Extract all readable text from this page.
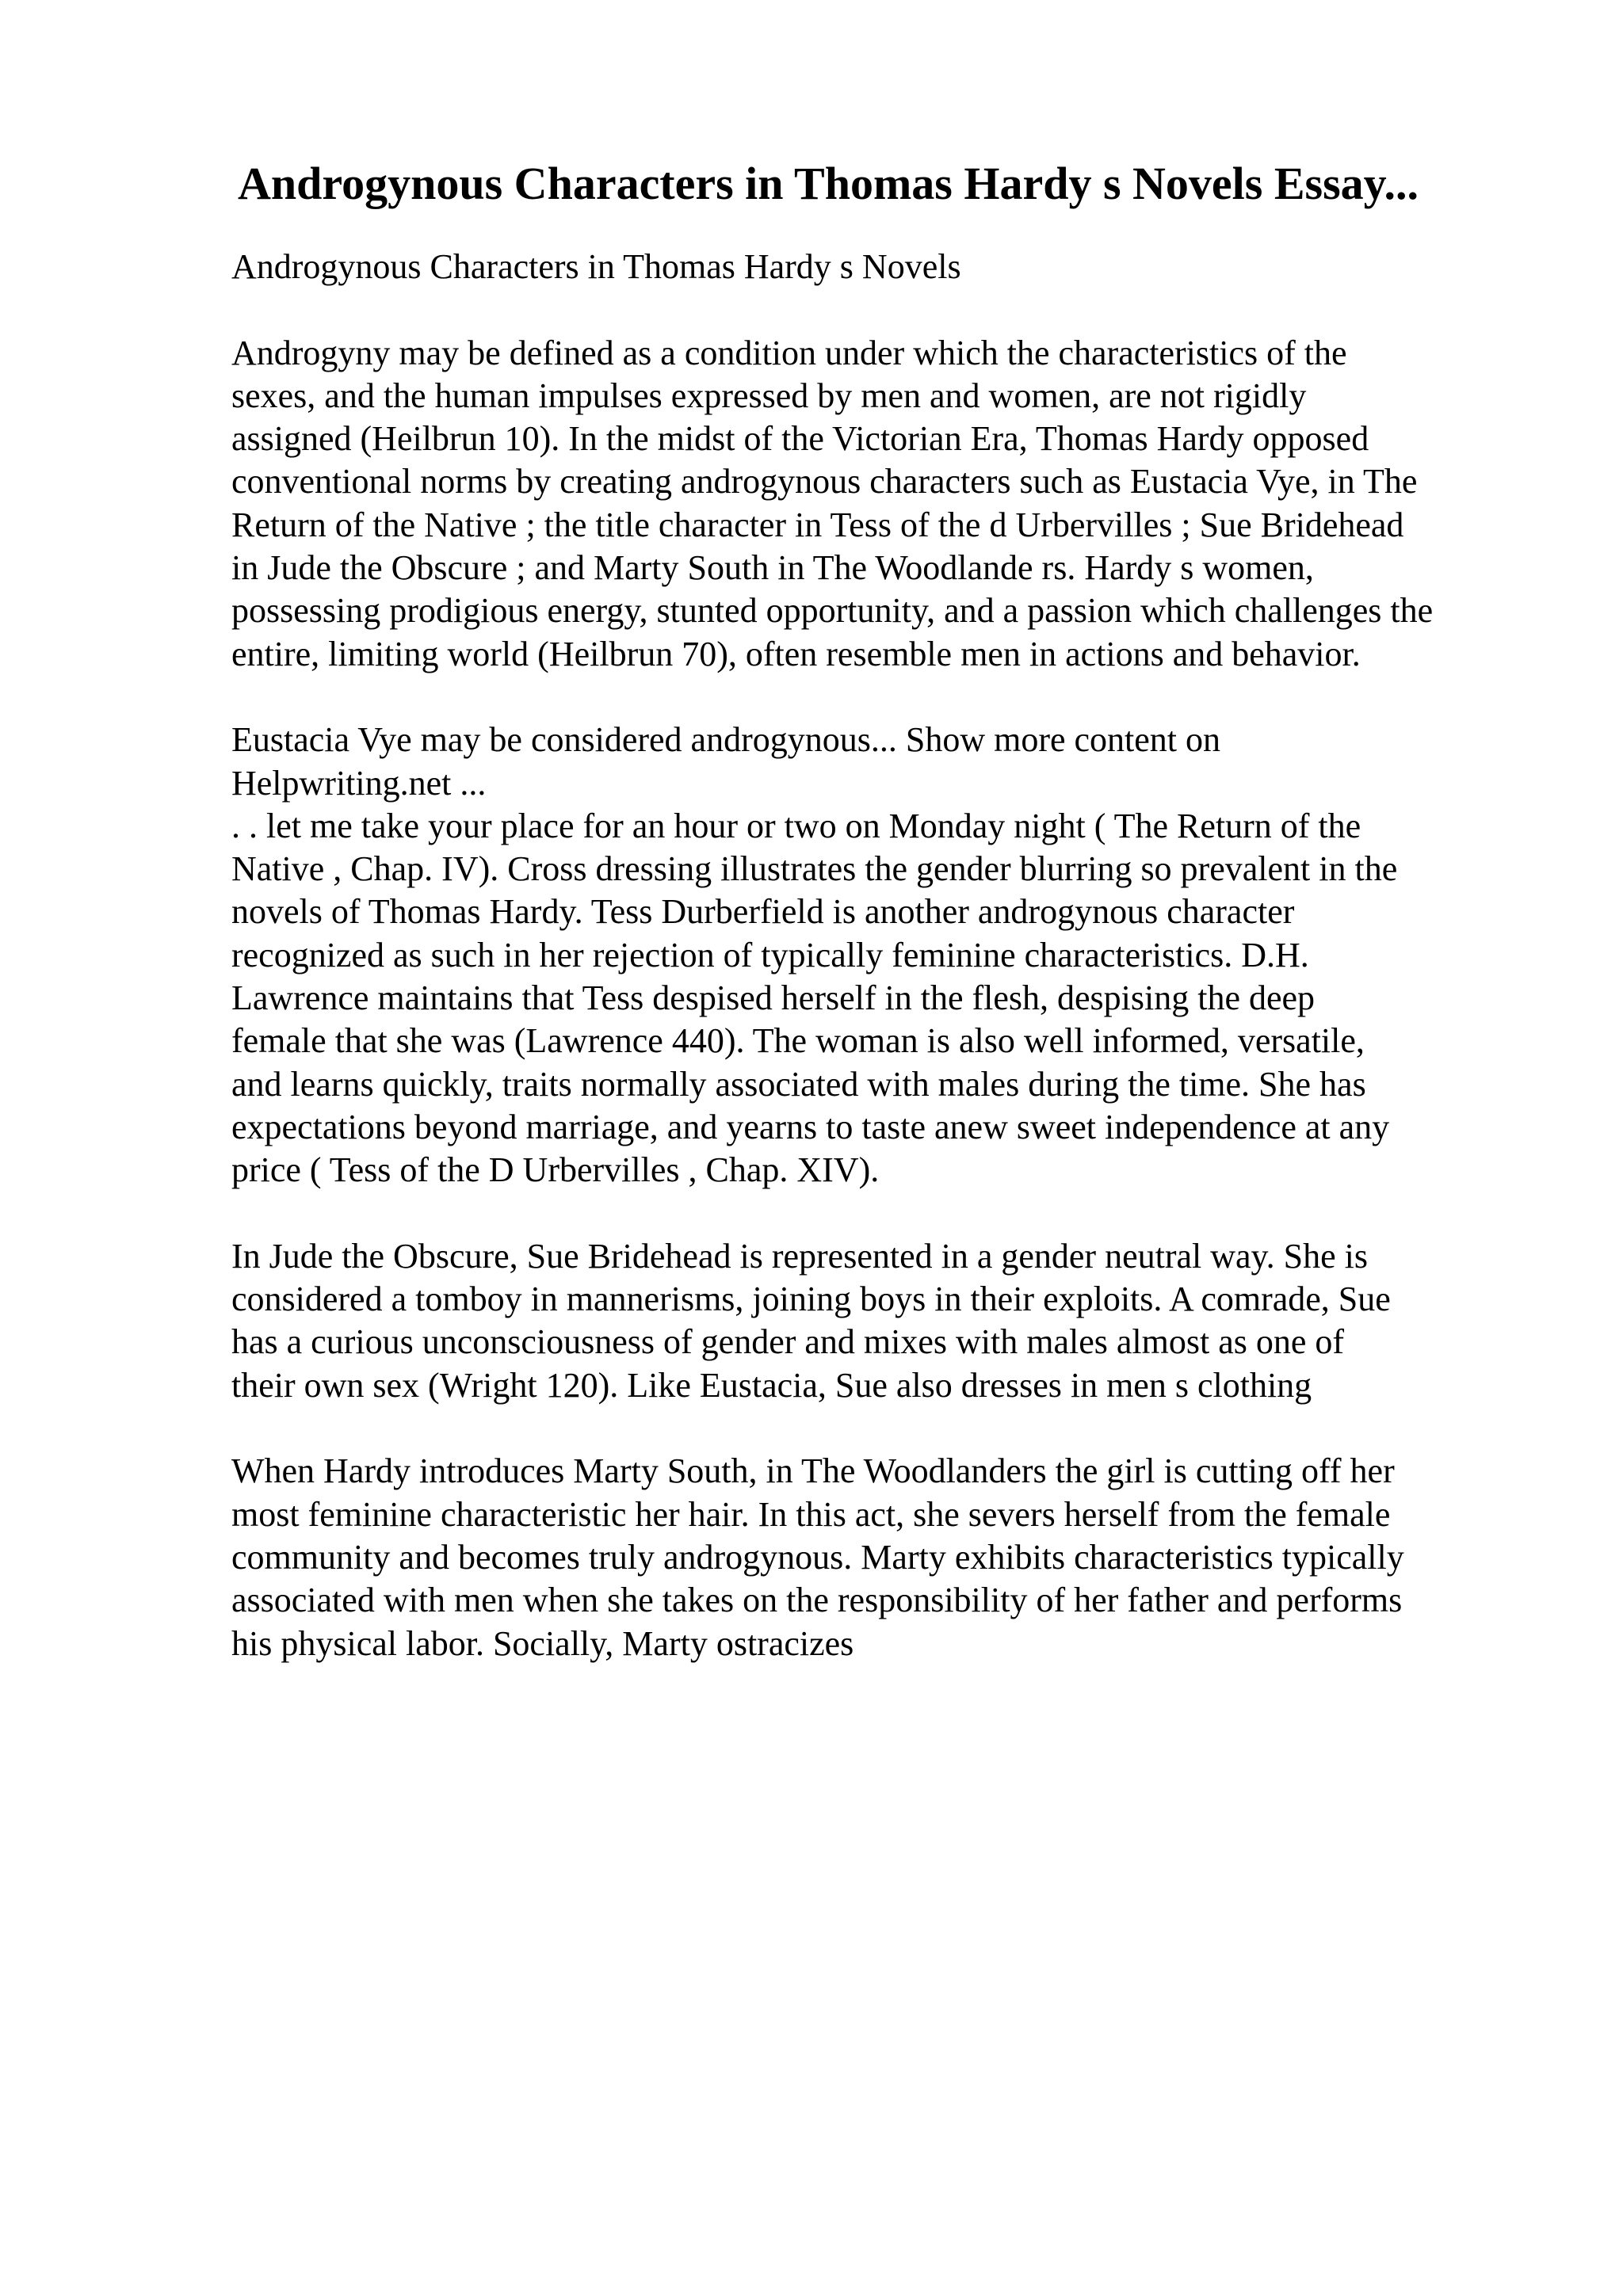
Androgynous Characters in Thomas Hardy s Novels Essay...
Androgynous Characters in Thomas Hardy s Novels
Androgyny may be defined as a condition under which the characteristics of the
sexes, and the human impulses expressed by men and women, are not rigidly
assigned (Heilbrun 10). In the midst of the Victorian Era, Thomas Hardy opposed
conventional norms by creating androgynous characters such as Eustacia Vye, in The
Return of the Native ; the title character in Tess of the d Urbervilles ; Sue Bridehead
in Jude the Obscure ; and Marty South in The Woodlande rs. Hardy s women,
possessing prodigious energy, stunted opportunity, and a passion which challenges the
entire, limiting world (Heilbrun 70), often resemble men in actions and behavior.
Eustacia Vye may be considered androgynous... Show more content on
Helpwriting.net ...
. . let me take your place for an hour or two on Monday night ( The Return of the
Native , Chap. IV). Cross dressing illustrates the gender blurring so prevalent in the
novels of Thomas Hardy. Tess Durberfield is another androgynous character
recognized as such in her rejection of typically feminine characteristics. D.H.
Lawrence maintains that Tess despised herself in the flesh, despising the deep
female that she was (Lawrence 440). The woman is also well informed, versatile,
and learns quickly, traits normally associated with males during the time. She has
expectations beyond marriage, and yearns to taste anew sweet independence at any
price ( Tess of the D Urbervilles , Chap. XIV).
In Jude the Obscure, Sue Bridehead is represented in a gender neutral way. She is
considered a tomboy in mannerisms, joining boys in their exploits. A comrade, Sue
has a curious unconsciousness of gender and mixes with males almost as one of
their own sex (Wright 120). Like Eustacia, Sue also dresses in men s clothing
When Hardy introduces Marty South, in The Woodlanders the girl is cutting off her
most feminine characteristic her hair. In this act, she severs herself from the female
community and becomes truly androgynous. Marty exhibits characteristics typically
associated with men when she takes on the responsibility of her father and performs
his physical labor. Socially, Marty ostracizes
